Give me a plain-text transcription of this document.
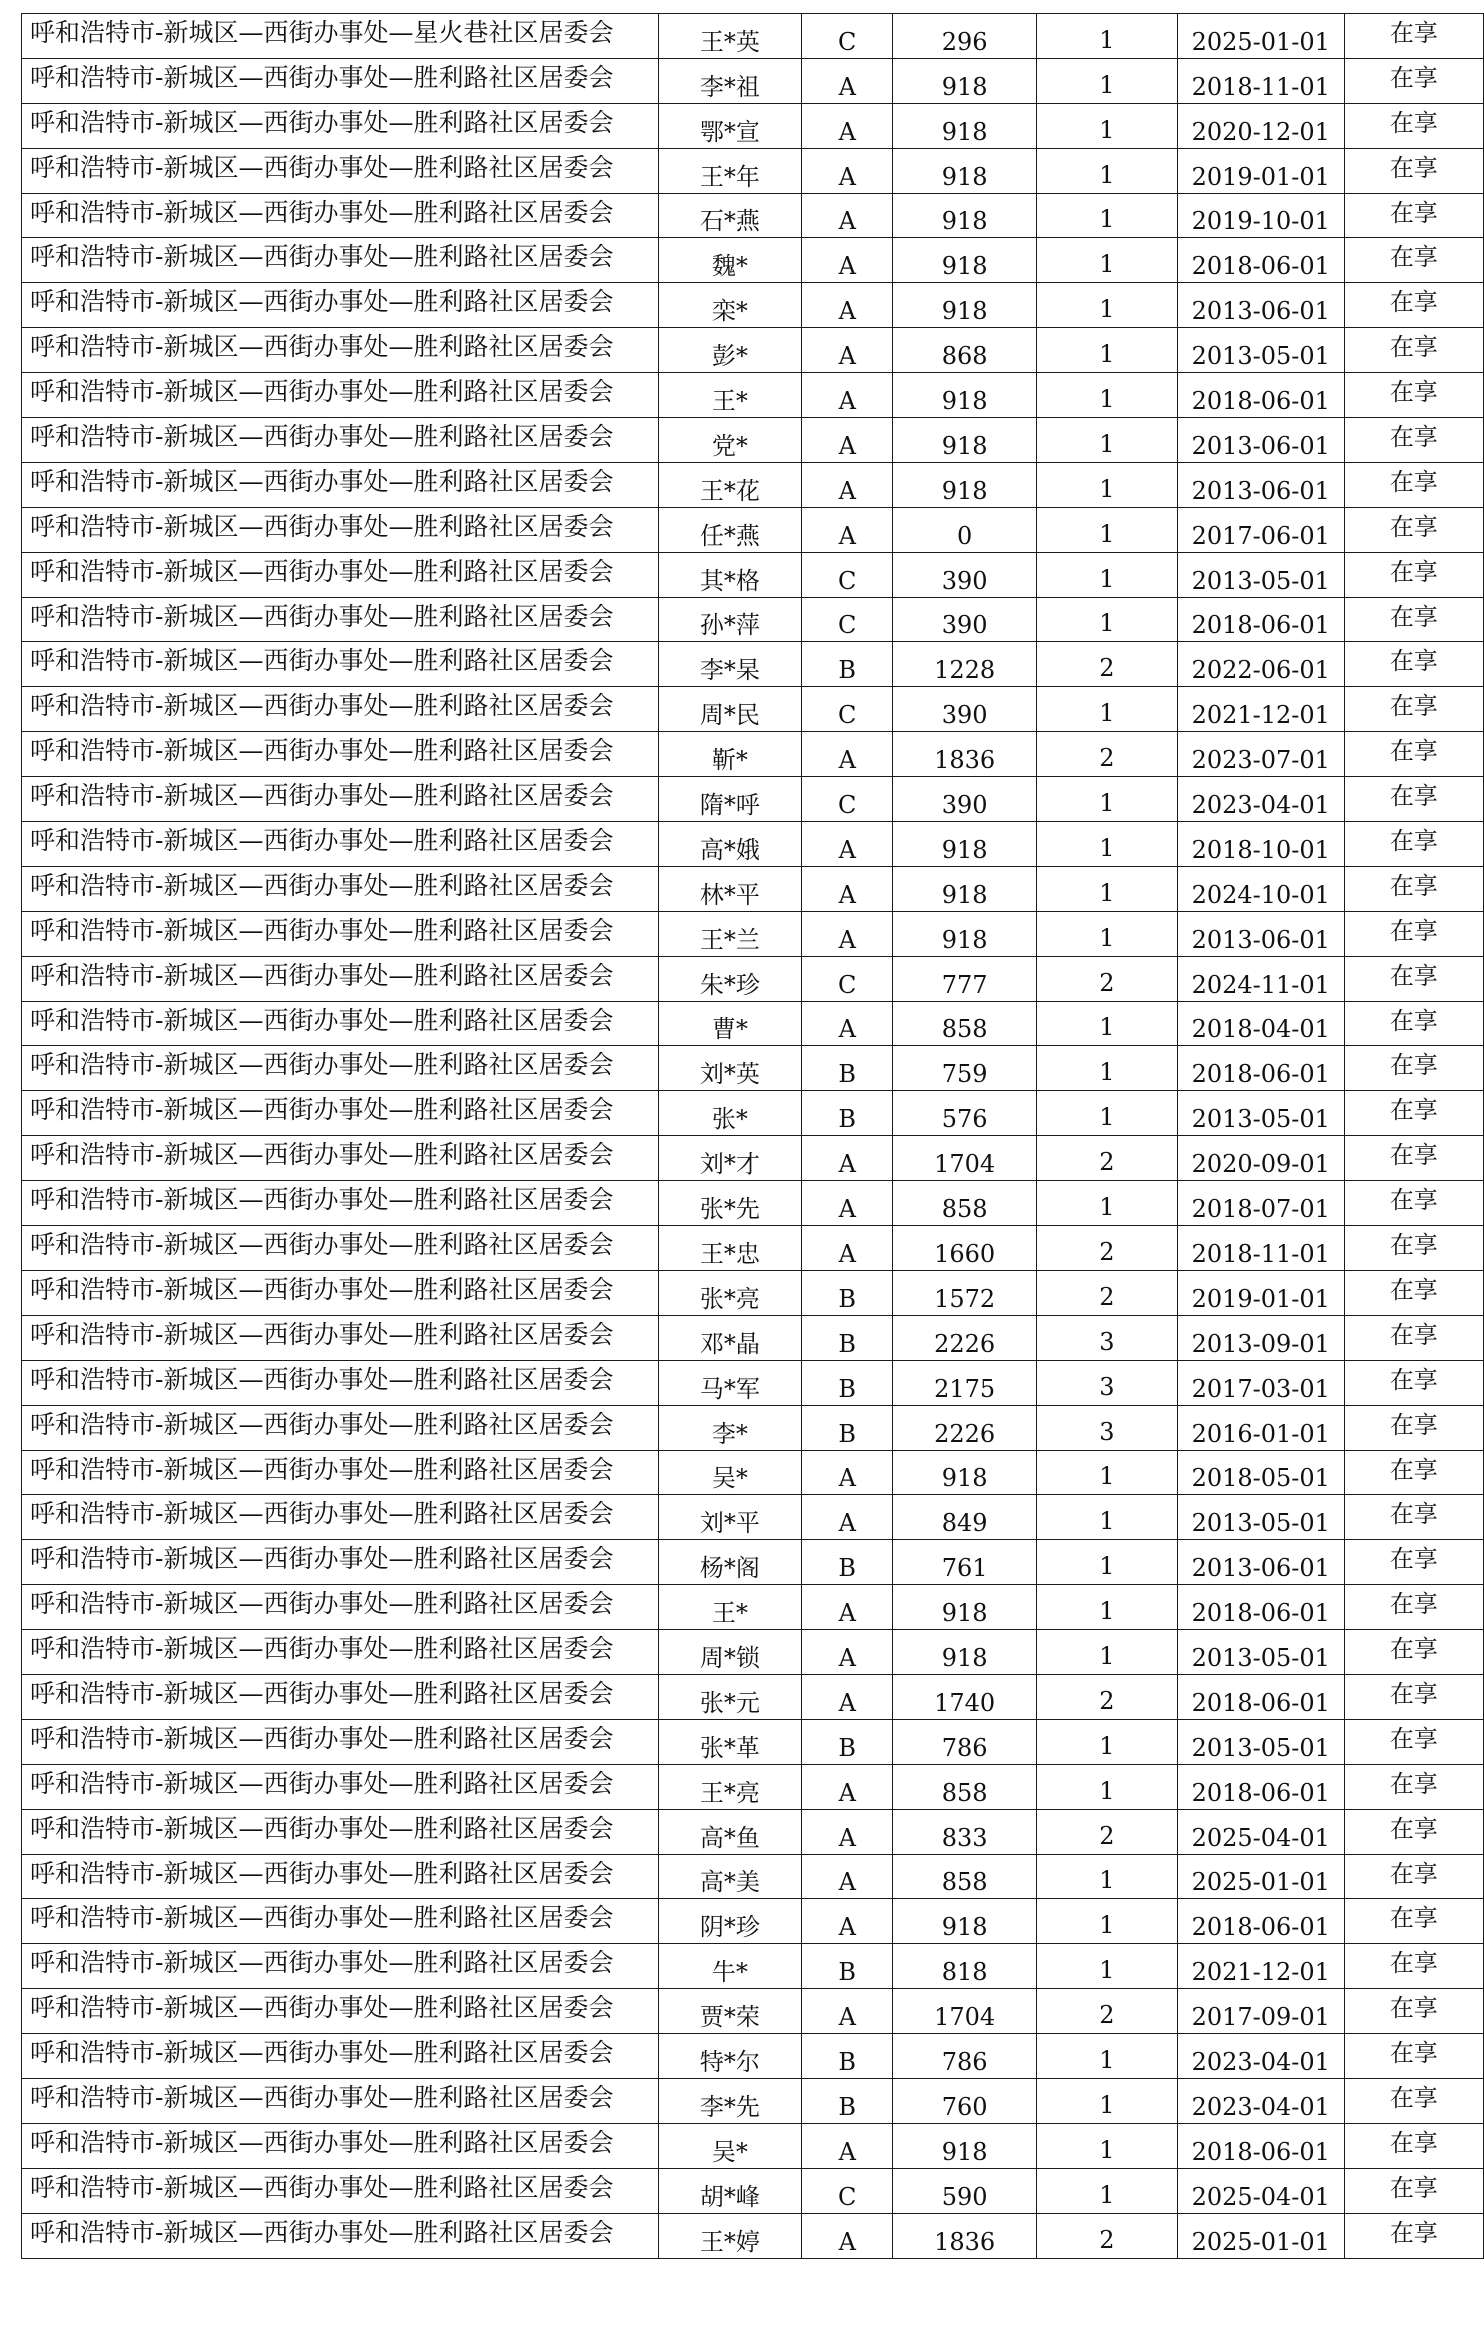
呼和浩特市-新城区—西街办事处—星火巷社区居委会	王*英	C	296	1	2025-01-01	在享
呼和浩特市-新城区—西街办事处—胜利路社区居委会	李*祖	A	918	1	2018-11-01	在享
呼和浩特市-新城区—西街办事处—胜利路社区居委会	鄂*宣	A	918	1	2020-12-01	在享
呼和浩特市-新城区—西街办事处—胜利路社区居委会	王*年	A	918	1	2019-01-01	在享
呼和浩特市-新城区—西街办事处—胜利路社区居委会	石*燕	A	918	1	2019-10-01	在享
呼和浩特市-新城区—西街办事处—胜利路社区居委会	魏*	A	918	1	2018-06-01	在享
呼和浩特市-新城区—西街办事处—胜利路社区居委会	栾*	A	918	1	2013-06-01	在享
呼和浩特市-新城区—西街办事处—胜利路社区居委会	彭*	A	868	1	2013-05-01	在享
呼和浩特市-新城区—西街办事处—胜利路社区居委会	王*	A	918	1	2018-06-01	在享
呼和浩特市-新城区—西街办事处—胜利路社区居委会	党*	A	918	1	2013-06-01	在享
呼和浩特市-新城区—西街办事处—胜利路社区居委会	王*花	A	918	1	2013-06-01	在享
呼和浩特市-新城区—西街办事处—胜利路社区居委会	任*燕	A	0	1	2017-06-01	在享
呼和浩特市-新城区—西街办事处—胜利路社区居委会	其*格	C	390	1	2013-05-01	在享
呼和浩特市-新城区—西街办事处—胜利路社区居委会	孙*萍	C	390	1	2018-06-01	在享
呼和浩特市-新城区—西街办事处—胜利路社区居委会	李*杲	B	1228	2	2022-06-01	在享
呼和浩特市-新城区—西街办事处—胜利路社区居委会	周*民	C	390	1	2021-12-01	在享
呼和浩特市-新城区—西街办事处—胜利路社区居委会	靳*	A	1836	2	2023-07-01	在享
呼和浩特市-新城区—西街办事处—胜利路社区居委会	隋*呼	C	390	1	2023-04-01	在享
呼和浩特市-新城区—西街办事处—胜利路社区居委会	高*娥	A	918	1	2018-10-01	在享
呼和浩特市-新城区—西街办事处—胜利路社区居委会	林*平	A	918	1	2024-10-01	在享
呼和浩特市-新城区—西街办事处—胜利路社区居委会	王*兰	A	918	1	2013-06-01	在享
呼和浩特市-新城区—西街办事处—胜利路社区居委会	朱*珍	C	777	2	2024-11-01	在享
呼和浩特市-新城区—西街办事处—胜利路社区居委会	曹*	A	858	1	2018-04-01	在享
呼和浩特市-新城区—西街办事处—胜利路社区居委会	刘*英	B	759	1	2018-06-01	在享
呼和浩特市-新城区—西街办事处—胜利路社区居委会	张*	B	576	1	2013-05-01	在享
呼和浩特市-新城区—西街办事处—胜利路社区居委会	刘*才	A	1704	2	2020-09-01	在享
呼和浩特市-新城区—西街办事处—胜利路社区居委会	张*先	A	858	1	2018-07-01	在享
呼和浩特市-新城区—西街办事处—胜利路社区居委会	王*忠	A	1660	2	2018-11-01	在享
呼和浩特市-新城区—西街办事处—胜利路社区居委会	张*亮	B	1572	2	2019-01-01	在享
呼和浩特市-新城区—西街办事处—胜利路社区居委会	邓*晶	B	2226	3	2013-09-01	在享
呼和浩特市-新城区—西街办事处—胜利路社区居委会	马*军	B	2175	3	2017-03-01	在享
呼和浩特市-新城区—西街办事处—胜利路社区居委会	李*	B	2226	3	2016-01-01	在享
呼和浩特市-新城区—西街办事处—胜利路社区居委会	吴*	A	918	1	2018-05-01	在享
呼和浩特市-新城区—西街办事处—胜利路社区居委会	刘*平	A	849	1	2013-05-01	在享
呼和浩特市-新城区—西街办事处—胜利路社区居委会	杨*阁	B	761	1	2013-06-01	在享
呼和浩特市-新城区—西街办事处—胜利路社区居委会	王*	A	918	1	2018-06-01	在享
呼和浩特市-新城区—西街办事处—胜利路社区居委会	周*锁	A	918	1	2013-05-01	在享
呼和浩特市-新城区—西街办事处—胜利路社区居委会	张*元	A	1740	2	2018-06-01	在享
呼和浩特市-新城区—西街办事处—胜利路社区居委会	张*革	B	786	1	2013-05-01	在享
呼和浩特市-新城区—西街办事处—胜利路社区居委会	王*亮	A	858	1	2018-06-01	在享
呼和浩特市-新城区—西街办事处—胜利路社区居委会	高*鱼	A	833	2	2025-04-01	在享
呼和浩特市-新城区—西街办事处—胜利路社区居委会	高*美	A	858	1	2025-01-01	在享
呼和浩特市-新城区—西街办事处—胜利路社区居委会	阴*珍	A	918	1	2018-06-01	在享
呼和浩特市-新城区—西街办事处—胜利路社区居委会	牛*	B	818	1	2021-12-01	在享
呼和浩特市-新城区—西街办事处—胜利路社区居委会	贾*荣	A	1704	2	2017-09-01	在享
呼和浩特市-新城区—西街办事处—胜利路社区居委会	特*尔	B	786	1	2023-04-01	在享
呼和浩特市-新城区—西街办事处—胜利路社区居委会	李*先	B	760	1	2023-04-01	在享
呼和浩特市-新城区—西街办事处—胜利路社区居委会	吴*	A	918	1	2018-06-01	在享
呼和浩特市-新城区—西街办事处—胜利路社区居委会	胡*峰	C	590	1	2025-04-01	在享
呼和浩特市-新城区—西街办事处—胜利路社区居委会	王*婷	A	1836	2	2025-01-01	在享
